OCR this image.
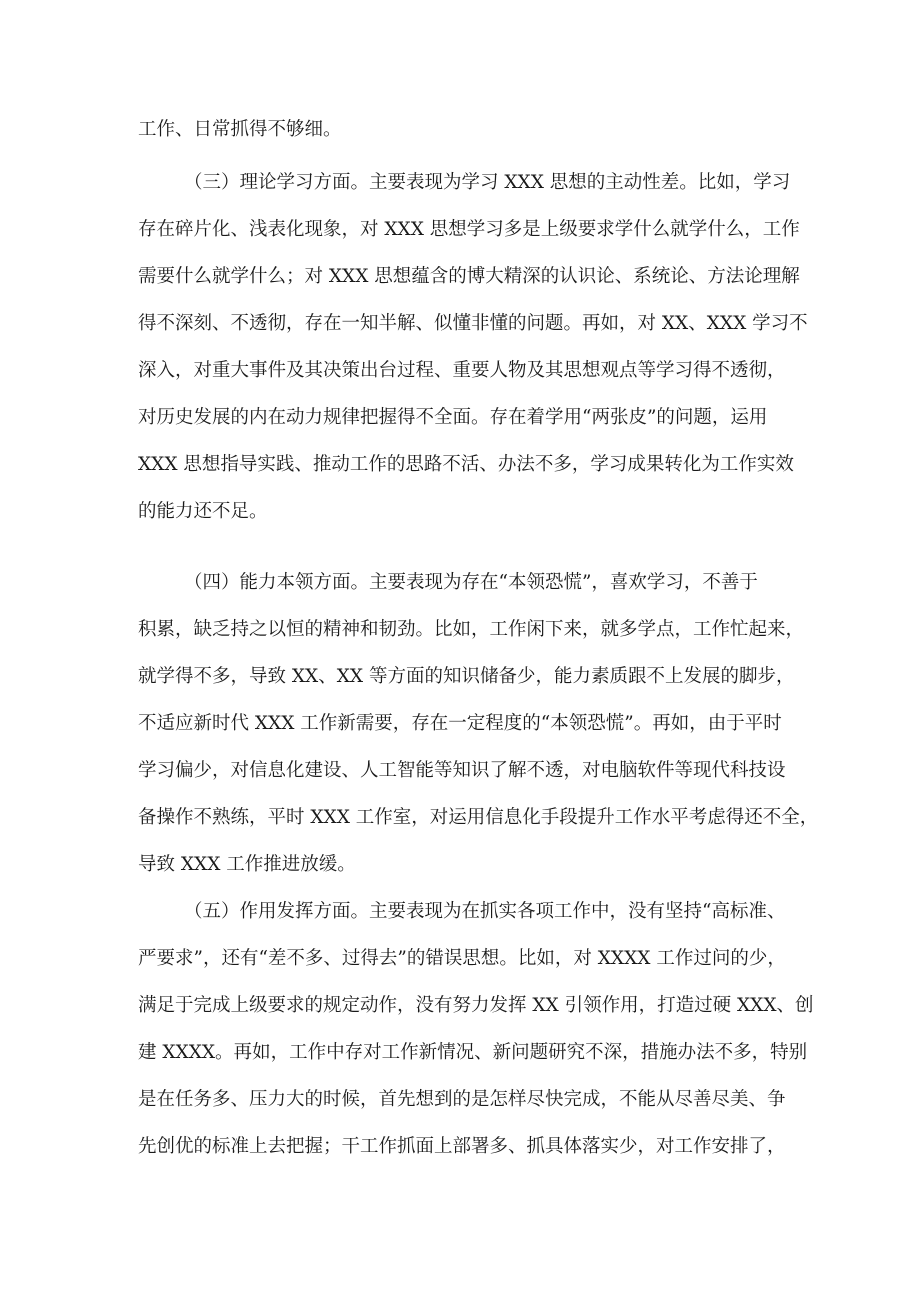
工作、日常抓得不够细。
（三）理论学习方面。主要表现为学习 XXX 思想的主动性差。比如，学习
存在碎片化、浅表化现象，对 XXX 思想学习多是上级要求学什么就学什么，工作
需要什么就学什么；对 XXX 思想蕴含的博大精深的认识论、系统论、方法论理解
得不深刻、不透彻，存在一知半解、似懂非懂的问题。再如，对 XX、XXX 学习不
深入，对重大事件及其决策出台过程、重要人物及其思想观点等学习得不透彻，
对历史发展的内在动力规律把握得不全面。存在着学用“两张皮”的问题，运用
XXX 思想指导实践、推动工作的思路不活、办法不多，学习成果转化为工作实效
的能力还不足。
（四）能力本领方面。主要表现为存在“本领恐慌”，喜欢学习，不善于
积累，缺乏持之以恒的精神和韧劲。比如，工作闲下来，就多学点，工作忙起来，
就学得不多，导致 XX、XX 等方面的知识储备少，能力素质跟不上发展的脚步，
不适应新时代 XXX 工作新需要，存在一定程度的“本领恐慌”。再如，由于平时
学习偏少，对信息化建设、人工智能等知识了解不透，对电脑软件等现代科技设
备操作不熟练，平时 XXX 工作室，对运用信息化手段提升工作水平考虑得还不全，
导致 XXX 工作推进放缓。
（五）作用发挥方面。主要表现为在抓实各项工作中，没有坚持“高标准、
严要求”，还有“差不多、过得去”的错误思想。比如，对 XXXX 工作过问的少，
满足于完成上级要求的规定动作，没有努力发挥 XX 引领作用，打造过硬 XXX、创
建 XXXX。再如，工作中存对工作新情况、新问题研究不深，措施办法不多，特别
是在任务多、压力大的时候，首先想到的是怎样尽快完成，不能从尽善尽美、争
先创优的标准上去把握；干工作抓面上部署多、抓具体落实少，对工作安排了，
